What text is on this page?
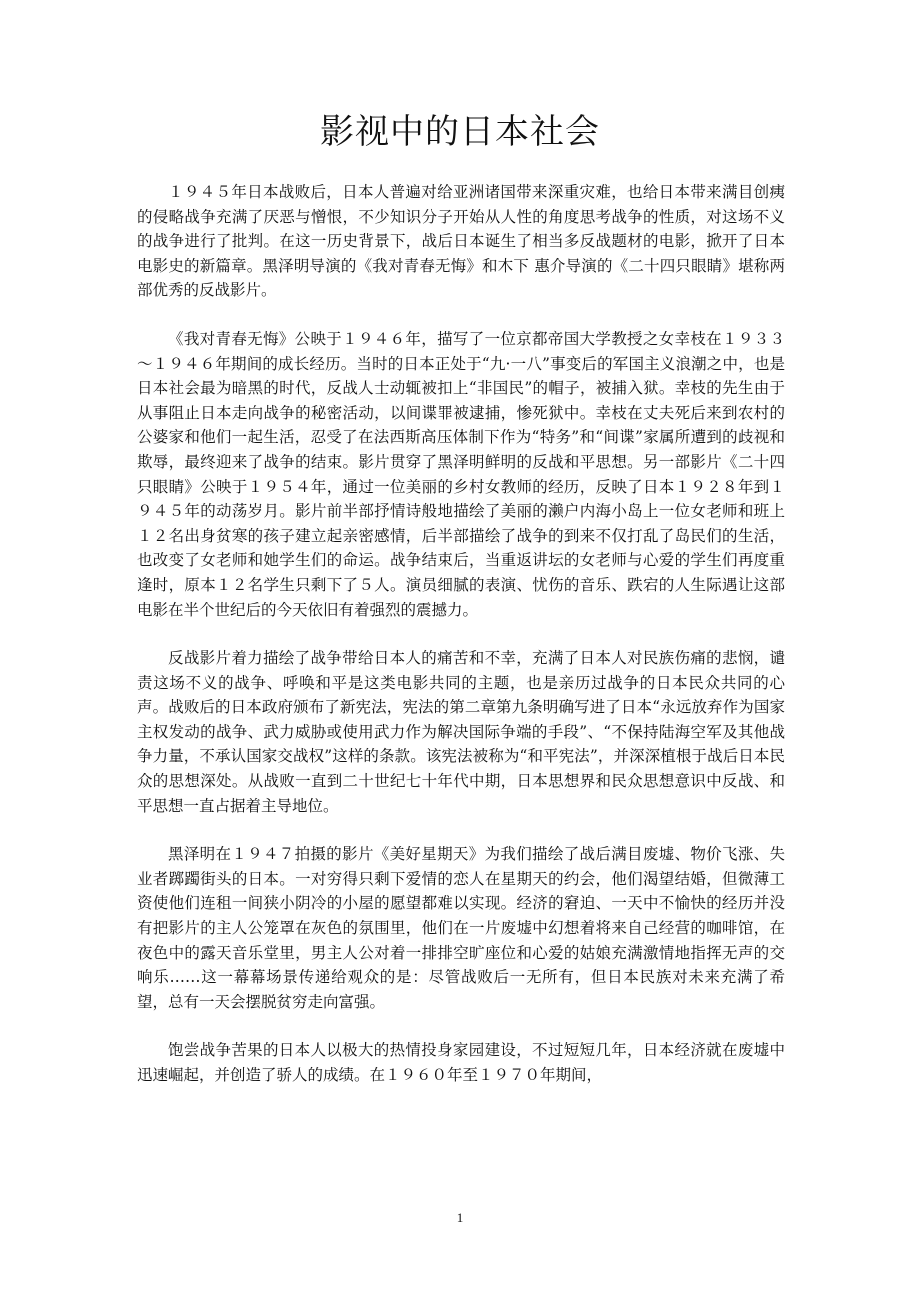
影视中的日本社会

１９４５年日本战败后，日本人普遍对给亚洲诸国带来深重灾难，也给日本带来满目创痍的侵略战争充满了厌恶与憎恨，不少知识分子开始从人性的角度思考战争的性质，对这场不义的战争进行了批判。在这一历史背景下，战后日本诞生了相当多反战题材的电影，掀开了日本电影史的新篇章。黑泽明导演的《我对青春无悔》和木下 惠介导演的《二十四只眼睛》堪称两部优秀的反战影片。

《我对青春无悔》公映于１９４６年，描写了一位京都帝国大学教授之女幸枝在１９３３～１９４６年期间的成长经历。当时的日本正处于“九·一八”事变后的军国主义浪潮之中，也是日本社会最为暗黑的时代，反战人士动辄被扣上“非国民”的帽子，被捕入狱。幸枝的先生由于从事阻止日本走向战争的秘密活动，以间谍罪被逮捕，惨死狱中。幸枝在丈夫死后来到农村的公婆家和他们一起生活，忍受了在法西斯高压体制下作为“特务”和“间谍”家属所遭到的歧视和欺辱，最终迎来了战争的结束。影片贯穿了黑泽明鲜明的反战和平思想。另一部影片《二十四只眼睛》公映于１９５４年，通过一位美丽的乡村女教师的经历，反映了日本１９２８年到１９４５年的动荡岁月。影片前半部抒情诗般地描绘了美丽的濑户内海小岛上一位女老师和班上１２名出身贫寒的孩子建立起亲密感情，后半部描绘了战争的到来不仅打乱了岛民们的生活，也改变了女老师和她学生们的命运。战争结束后，当重返讲坛的女老师与心爱的学生们再度重逢时，原本１２名学生只剩下了５人。演员细腻的表演、忧伤的音乐、跌宕的人生际遇让这部电影在半个世纪后的今天依旧有着强烈的震撼力。

反战影片着力描绘了战争带给日本人的痛苦和不幸，充满了日本人对民族伤痛的悲悯，谴责这场不义的战争、呼唤和平是这类电影共同的主题，也是亲历过战争的日本民众共同的心声。战败后的日本政府颁布了新宪法，宪法的第二章第九条明确写进了日本“永远放弃作为国家主权发动的战争、武力威胁或使用武力作为解决国际争端的手段”、“不保持陆海空军及其他战争力量，不承认国家交战权”这样的条款。该宪法被称为“和平宪法”，并深深植根于战后日本民众的思想深处。从战败一直到二十世纪七十年代中期，日本思想界和民众思想意识中反战、和平思想一直占据着主导地位。

黑泽明在１９４７拍摄的影片《美好星期天》为我们描绘了战后满目废墟、物价飞涨、失业者踯躅街头的日本。一对穷得只剩下爱情的恋人在星期天的约会，他们渴望结婚，但微薄工资使他们连租一间狭小阴冷的小屋的愿望都难以实现。经济的窘迫、一天中不愉快的经历并没有把影片的主人公笼罩在灰色的氛围里，他们在一片废墟中幻想着将来自己经营的咖啡馆，在夜色中的露天音乐堂里，男主人公对着一排排空旷座位和心爱的姑娘充满激情地指挥无声的交响乐……这一幕幕场景传递给观众的是：尽管战败后一无所有，但日本民族对未来充满了希望，总有一天会摆脱贫穷走向富强。

饱尝战争苦果的日本人以极大的热情投身家园建设，不过短短几年，日本经济就在废墟中迅速崛起，并创造了骄人的成绩。在１９６０年至１９７０年期间，

1
